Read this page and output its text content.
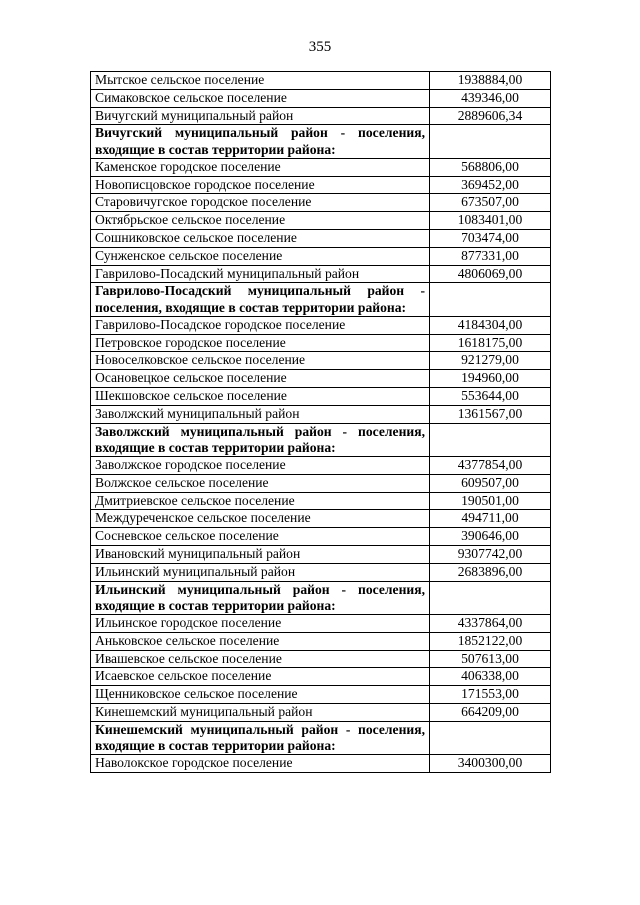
355
Мытское сельское поселение	1938884,00
Симаковское сельское поселение	439346,00
Вичугский муниципальный район	2889606,34
Вичугский муниципальный район - поселения, входящие в состав территории района:	
Каменское городское поселение	568806,00
Новописцовское городское поселение	369452,00
Старовичугское городское поселение	673507,00
Октябрьское сельское поселение	1083401,00
Сошниковское сельское поселение	703474,00
Сунженское сельское поселение	877331,00
Гаврилово-Посадский муниципальный район	4806069,00
Гаврилово-Посадский муниципальный район - поселения, входящие в состав территории района:	
Гаврилово-Посадское городское поселение	4184304,00
Петровское городское поселение	1618175,00
Новоселковское сельское поселение	921279,00
Осановецкое сельское поселение	194960,00
Шекшовское сельское поселение	553644,00
Заволжский муниципальный район	1361567,00
Заволжский муниципальный район - поселения, входящие в состав территории района:	
Заволжское городское поселение	4377854,00
Волжское сельское поселение	609507,00
Дмитриевское сельское поселение	190501,00
Междуреченское сельское поселение	494711,00
Сосневское сельское поселение	390646,00
Ивановский муниципальный район	9307742,00
Ильинский муниципальный район	2683896,00
Ильинский муниципальный район - поселения, входящие в состав территории района:	
Ильинское городское поселение	4337864,00
Аньковское сельское поселение	1852122,00
Ивашевское сельское поселение	507613,00
Исаевское сельское поселение	406338,00
Щенниковское сельское поселение	171553,00
Кинешемский муниципальный район	664209,00
Кинешемский муниципальный район - поселения, входящие в состав территории района:	
Наволокское городское поселение	3400300,00
